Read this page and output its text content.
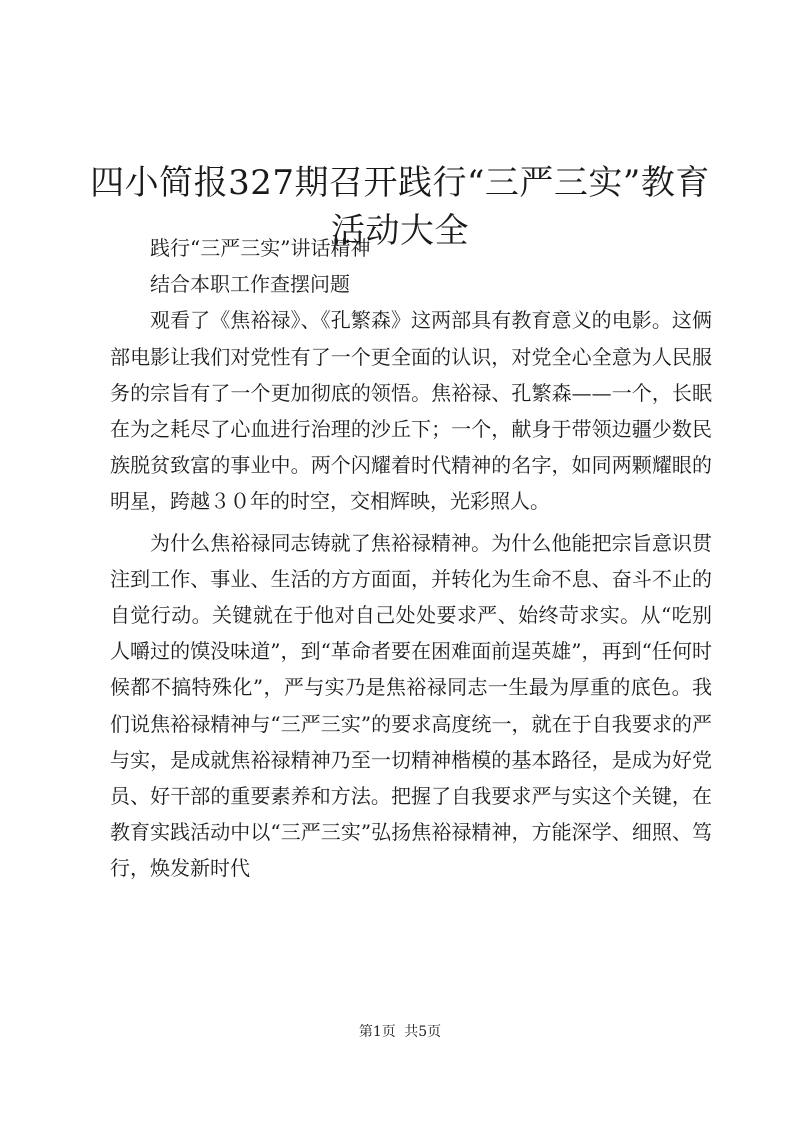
四小简报327期召开践行“三严三实”教育活动大全

践行“三严三实”讲话精神

结合本职工作查摆问题

观看了《焦裕禄》、《孔繁森》这两部具有教育意义的电影。这俩部电影让我们对党性有了一个更全面的认识，对党全心全意为人民服务的宗旨有了一个更加彻底的领悟。焦裕禄、孔繁森——一个，长眠在为之耗尽了心血进行治理的沙丘下；一个，献身于带领边疆少数民族脱贫致富的事业中。两个闪耀着时代精神的名字，如同两颗耀眼的明星，跨越３０年的时空，交相辉映，光彩照人。

为什么焦裕禄同志铸就了焦裕禄精神。为什么他能把宗旨意识贯注到工作、事业、生活的方方面面，并转化为生命不息、奋斗不止的自觉行动。关键就在于他对自己处处要求严、始终苛求实。从“吃别人嚼过的馍没味道”，到“革命者要在困难面前逞英雄”，再到“任何时候都不搞特殊化”，严与实乃是焦裕禄同志一生最为厚重的底色。我们说焦裕禄精神与“三严三实”的要求高度统一，就在于自我要求的严与实，是成就焦裕禄精神乃至一切精神楷模的基本路径，是成为好党员、好干部的重要素养和方法。把握了自我要求严与实这个关键，在教育实践活动中以“三严三实”弘扬焦裕禄精神，方能深学、细照、笃行，焕发新时代

第1页 共5页
